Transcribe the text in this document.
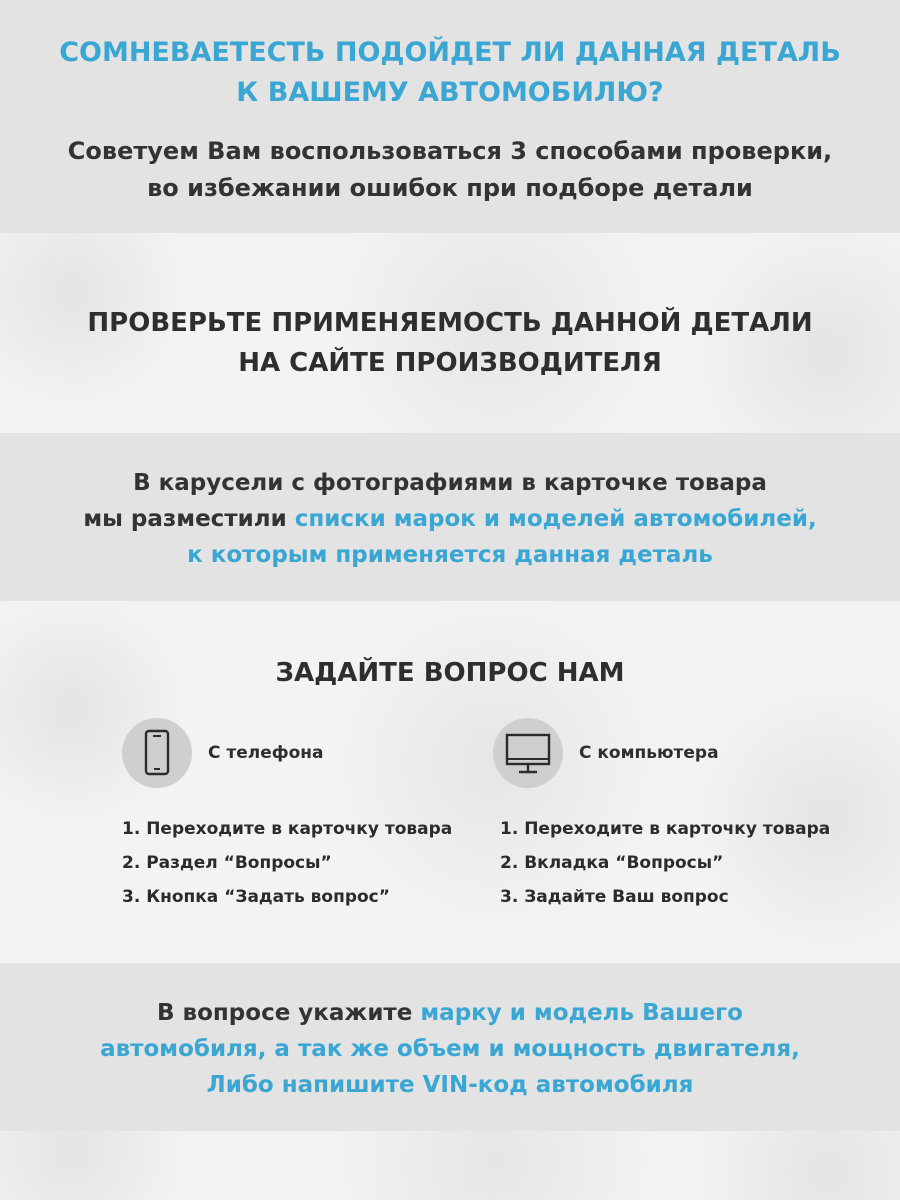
СОМНЕВАЕТЕСТЬ ПОДОЙДЕТ ЛИ ДАННАЯ ДЕТАЛЬ
К ВАШЕМУ АВТОМОБИЛЮ?
Советуем Вам воспользоваться 3 способами проверки,
во избежании ошибок при подборе детали
ПРОВЕРЬТЕ ПРИМЕНЯЕМОСТЬ ДАННОЙ ДЕТАЛИ
НА САЙТЕ ПРОИЗВОДИТЕЛЯ
В карусели с фотографиями в карточке товара
мы разместили списки марок и моделей автомобилей,
к которым применяется данная деталь
ЗАДАЙТЕ ВОПРОС НАМ
С телефона
1. Переходите в карточку товара
2. Раздел “Вопросы”
3. Кнопка “Задать вопрос”
С компьютера
1. Переходите в карточку товара
2. Вкладка “Вопросы”
3. Задайте Ваш вопрос
В вопросе укажите марку и модель Вашего
автомобиля, а так же объем и мощность двигателя,
Либо напишите VIN-код автомобиля
